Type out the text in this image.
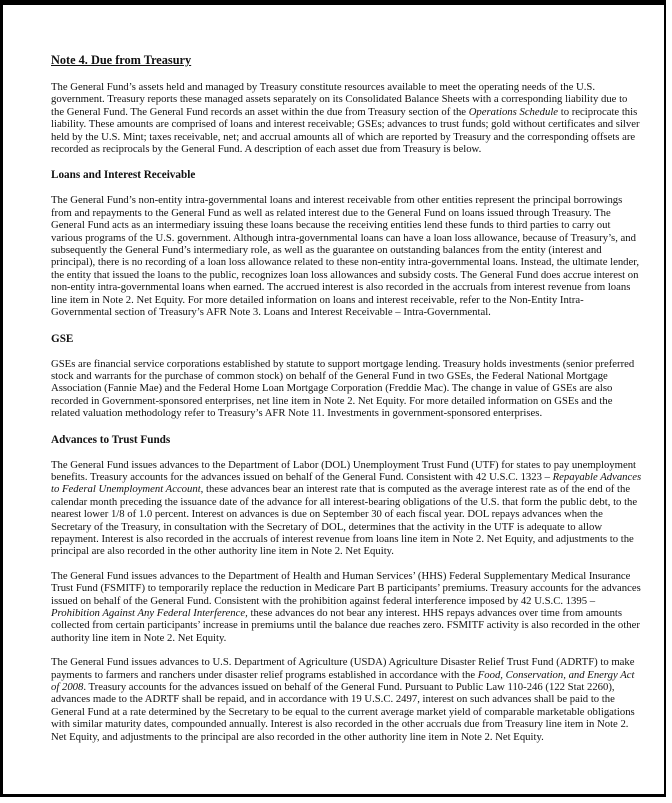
Note 4. Due from Treasury

The General Fund’s assets held and managed by Treasury constitute resources available to meet the operating needs of the U.S. government. Treasury reports these managed assets separately on its Consolidated Balance Sheets with a corresponding liability due to the General Fund. The General Fund records an asset within the due from Treasury section of the Operations Schedule to reciprocate this liability. These amounts are comprised of loans and interest receivable; GSEs; advances to trust funds; gold without certificates and silver held by the U.S. Mint; taxes receivable, net; and accrual amounts all of which are reported by Treasury and the corresponding offsets are recorded as reciprocals by the General Fund. A description of each asset due from Treasury is below.

Loans and Interest Receivable

The General Fund’s non-entity intra-governmental loans and interest receivable from other entities represent the principal borrowings from and repayments to the General Fund as well as related interest due to the General Fund on loans issued through Treasury. The General Fund acts as an intermediary issuing these loans because the receiving entities lend these funds to third parties to carry out various programs of the U.S. government. Although intra-governmental loans can have a loan loss allowance, because of Treasury’s, and subsequently the General Fund’s intermediary role, as well as the guarantee on outstanding balances from the entity (interest and principal), there is no recording of a loan loss allowance related to these non-entity intra-governmental loans. Instead, the ultimate lender, the entity that issued the loans to the public, recognizes loan loss allowances and subsidy costs. The General Fund does accrue interest on non-entity intra-governmental loans when earned. The accrued interest is also recorded in the accruals from interest revenue from loans line item in Note 2. Net Equity. For more detailed information on loans and interest receivable, refer to the Non-Entity Intra-Governmental section of Treasury’s AFR Note 3. Loans and Interest Receivable – Intra-Governmental.

GSE

GSEs are financial service corporations established by statute to support mortgage lending. Treasury holds investments (senior preferred stock and warrants for the purchase of common stock) on behalf of the General Fund in two GSEs, the Federal National Mortgage Association (Fannie Mae) and the Federal Home Loan Mortgage Corporation (Freddie Mac). The change in value of GSEs are also recorded in Government-sponsored enterprises, net line item in Note 2. Net Equity. For more detailed information on GSEs and the related valuation methodology refer to Treasury’s AFR Note 11. Investments in government-sponsored enterprises.

Advances to Trust Funds

The General Fund issues advances to the Department of Labor (DOL) Unemployment Trust Fund (UTF) for states to pay unemployment benefits. Treasury accounts for the advances issued on behalf of the General Fund. Consistent with 42 U.S.C. 1323 – Repayable Advances to Federal Unemployment Account, these advances bear an interest rate that is computed as the average interest rate as of the end of the calendar month preceding the issuance date of the advance for all interest-bearing obligations of the U.S. that form the public debt, to the nearest lower 1/8 of 1.0 percent. Interest on advances is due on September 30 of each fiscal year. DOL repays advances when the Secretary of the Treasury, in consultation with the Secretary of DOL, determines that the activity in the UTF is adequate to allow repayment. Interest is also recorded in the accruals of interest revenue from loans line item in Note 2. Net Equity, and adjustments to the principal are also recorded in the other authority line item in Note 2. Net Equity.

The General Fund issues advances to the Department of Health and Human Services’ (HHS) Federal Supplementary Medical Insurance Trust Fund (FSMITF) to temporarily replace the reduction in Medicare Part B participants’ premiums. Treasury accounts for the advances issued on behalf of the General Fund. Consistent with the prohibition against federal interference imposed by 42 U.S.C. 1395 – Prohibition Against Any Federal Interference, these advances do not bear any interest. HHS repays advances over time from amounts collected from certain participants’ increase in premiums until the balance due reaches zero. FSMITF activity is also recorded in the other authority line item in Note 2. Net Equity.

The General Fund issues advances to U.S. Department of Agriculture (USDA) Agriculture Disaster Relief Trust Fund (ADRTF) to make payments to farmers and ranchers under disaster relief programs established in accordance with the Food, Conservation, and Energy Act of 2008. Treasury accounts for the advances issued on behalf of the General Fund. Pursuant to Public Law 110-246 (122 Stat 2260), advances made to the ADRTF shall be repaid, and in accordance with 19 U.S.C. 2497, interest on such advances shall be paid to the General Fund at a rate determined by the Secretary to be equal to the current average market yield of comparable marketable obligations with similar maturity dates, compounded annually. Interest is also recorded in the other accruals due from Treasury line item in Note 2. Net Equity, and adjustments to the principal are also recorded in the other authority line item in Note 2. Net Equity.
